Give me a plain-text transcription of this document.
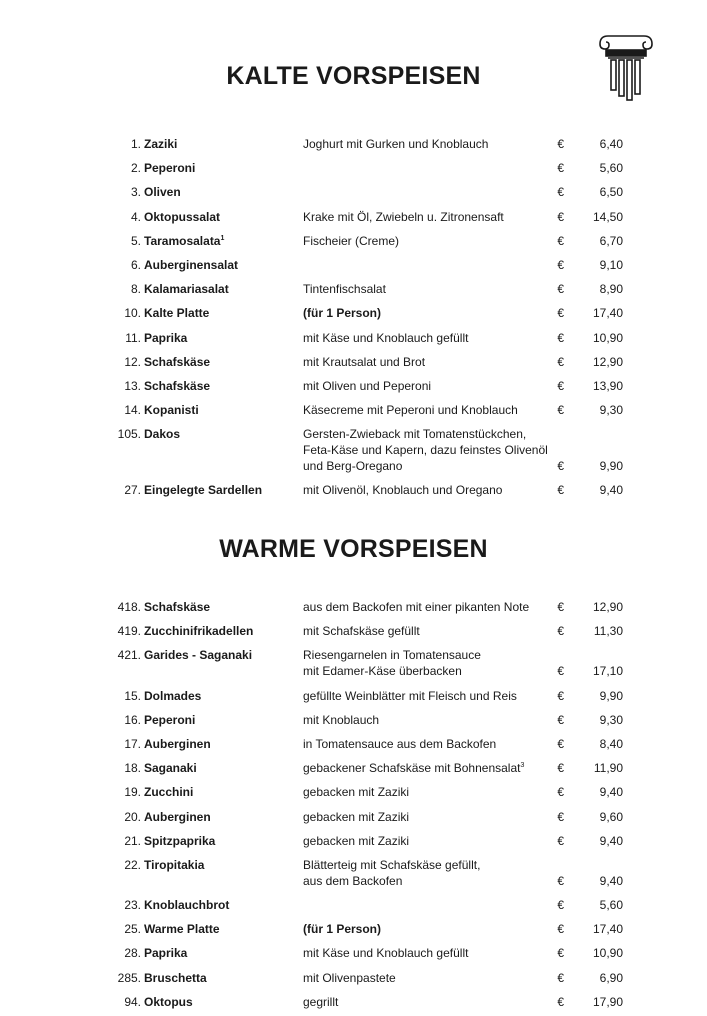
KALTE VORSPEISEN
1. Zaziki	Joghurt mit Gurken und Knoblauch	€	6,40
2. Peperoni	€	5,60
3. Oliven	€	6,50
4. Oktopussalat	Krake mit Öl, Zwiebeln u. Zitronensaft	€ 14,50
5. Taramosalata$^1$	Fischeier (Creme)	€	6,70
6. Auberginensalat	€	9,10
8. Kalamariasalat	Tintenfischsalat	€	8,90
10. Kalte Platte	(für 1 Person)	€ 17,40
11. Paprika	mit Käse und Knoblauch gefüllt	€ 10,90
12. Schafskäse	mit Krautsalat und Brot	€ 12,90
13. Schafskäse	mit Oliven und Peperoni	€ 13,90
14. Kopanisti	Käsecreme mit Peperoni und Knoblauch	€	9,30
105. Dakos	Gersten-Zwieback mit Tomatenstückchen,
Feta-Käse und Kapern, dazu feinstes Olivenöl
und Berg-Oregano	€	9,90
27. Eingelegte Sardellen	mit Olivenöl, Knoblauch und Oregano	€	9,40
WARME VORSPEISEN
418. Schafskäse	aus dem Backofen mit einer pikanten Note	€ 12,90
419. Zucchinifrikadellen	mit Schafskäse gefüllt	€ 11,30
421. Garides - Saganaki	Riesengarnelen in Tomatensauce
mit Edamer-Käse überbacken	€ 17,10
15. Dolmades	gefüllte Weinblätter mit Fleisch und Reis	€	9,90
16. Peperoni	mit Knoblauch	€	9,30
17. Auberginen	in Tomatensauce aus dem Backofen	€	8,40
18. Saganaki	gebackener Schafskäse mit Bohnensalat$^3$	€ 11,90
19. Zucchini	gebacken mit Zaziki	€	9,40
20. Auberginen	gebacken mit Zaziki	€	9,60
21. Spitzpaprika	gebacken mit Zaziki	€	9,40
22. Tiropitakia	Blätterteig mit Schafskäse gefüllt,
aus dem Backofen	€	9,40
23. Knoblauchbrot	€	5,60
25. Warme Platte	(für 1 Person)	€ 17,40
28. Paprika	mit Käse und Knoblauch gefüllt	€ 10,90
285. Bruschetta	mit Olivenpastete	€	6,90
94. Oktopus	gegrillt	€ 17,90
